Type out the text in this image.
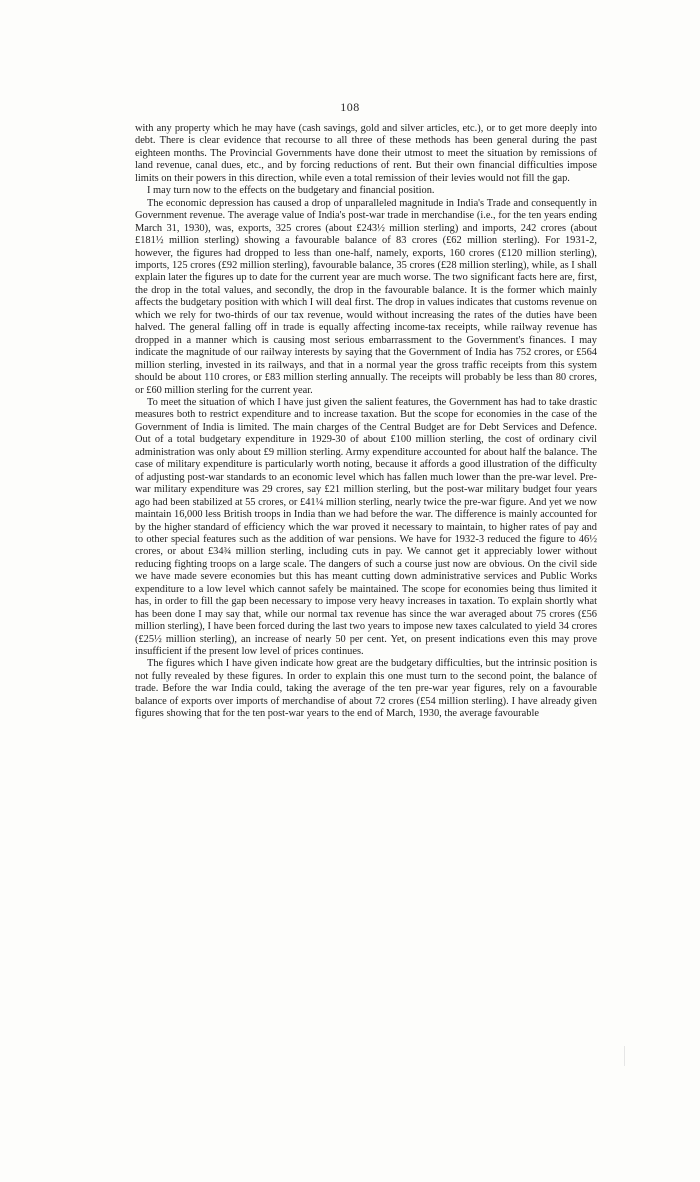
108

with any property which he may have (cash savings, gold and silver articles, etc.), or to get more deeply into debt. There is clear evidence that recourse to all three of these methods has been general during the past eighteen months. The Provincial Governments have done their utmost to meet the situation by remissions of land revenue, canal dues, etc., and by forcing reductions of rent. But their own financial difficulties impose limits on their powers in this direction, while even a total remission of their levies would not fill the gap.

I may turn now to the effects on the budgetary and financial position.

The economic depression has caused a drop of unparalleled magnitude in India's Trade and consequently in Government revenue. The average value of India's post-war trade in merchandise (i.e., for the ten years ending March 31, 1930), was, exports, 325 crores (about £243½ million sterling) and imports, 242 crores (about £181½ million sterling) showing a favourable balance of 83 crores (£62 million sterling). For 1931-2, however, the figures had dropped to less than one-half, namely, exports, 160 crores (£120 million sterling), imports, 125 crores (£92 million sterling), favourable balance, 35 crores (£28 million sterling), while, as I shall explain later the figures up to date for the current year are much worse. The two significant facts here are, first, the drop in the total values, and secondly, the drop in the favourable balance. It is the former which mainly affects the budgetary position with which I will deal first. The drop in values indicates that customs revenue on which we rely for two-thirds of our tax revenue, would without increasing the rates of the duties have been halved. The general falling off in trade is equally affecting income-tax receipts, while railway revenue has dropped in a manner which is causing most serious embarrassment to the Government's finances. I may indicate the magnitude of our railway interests by saying that the Government of India has 752 crores, or £564 million sterling, invested in its railways, and that in a normal year the gross traffic receipts from this system should be about 110 crores, or £83 million sterling annually. The receipts will probably be less than 80 crores, or £60 million sterling for the current year.

To meet the situation of which I have just given the salient features, the Government has had to take drastic measures both to restrict expenditure and to increase taxation. But the scope for economies in the case of the Government of India is limited. The main charges of the Central Budget are for Debt Services and Defence. Out of a total budgetary expenditure in 1929-30 of about £100 million sterling, the cost of ordinary civil administration was only about £9 million sterling. Army expenditure accounted for about half the balance. The case of military expenditure is particularly worth noting, because it affords a good illustration of the difficulty of adjusting post-war standards to an economic level which has fallen much lower than the pre-war level. Pre-war military expenditure was 29 crores, say £21 million sterling, but the post-war military budget four years ago had been stabilized at 55 crores, or £41¼ million sterling, nearly twice the pre-war figure. And yet we now maintain 16,000 less British troops in India than we had before the war. The difference is mainly accounted for by the higher standard of efficiency which the war proved it necessary to maintain, to higher rates of pay and to other special features such as the addition of war pensions. We have for 1932-3 reduced the figure to 46½ crores, or about £34¾ million sterling, including cuts in pay. We cannot get it appreciably lower without reducing fighting troops on a large scale. The dangers of such a course just now are obvious. On the civil side we have made severe economies but this has meant cutting down administrative services and Public Works expenditure to a low level which cannot safely be maintained. The scope for economies being thus limited it has, in order to fill the gap been necessary to impose very heavy increases in taxation. To explain shortly what has been done I may say that, while our normal tax revenue has since the war averaged about 75 crores (£56 million sterling), I have been forced during the last two years to impose new taxes calculated to yield 34 crores (£25½ million sterling), an increase of nearly 50 per cent. Yet, on present indications even this may prove insufficient if the present low level of prices continues.

The figures which I have given indicate how great are the budgetary difficulties, but the intrinsic position is not fully revealed by these figures. In order to explain this one must turn to the second point, the balance of trade. Before the war India could, taking the average of the ten pre-war year figures, rely on a favourable balance of exports over imports of merchandise of about 72 crores (£54 million sterling). I have already given figures showing that for the ten post-war years to the end of March, 1930, the average favourable
